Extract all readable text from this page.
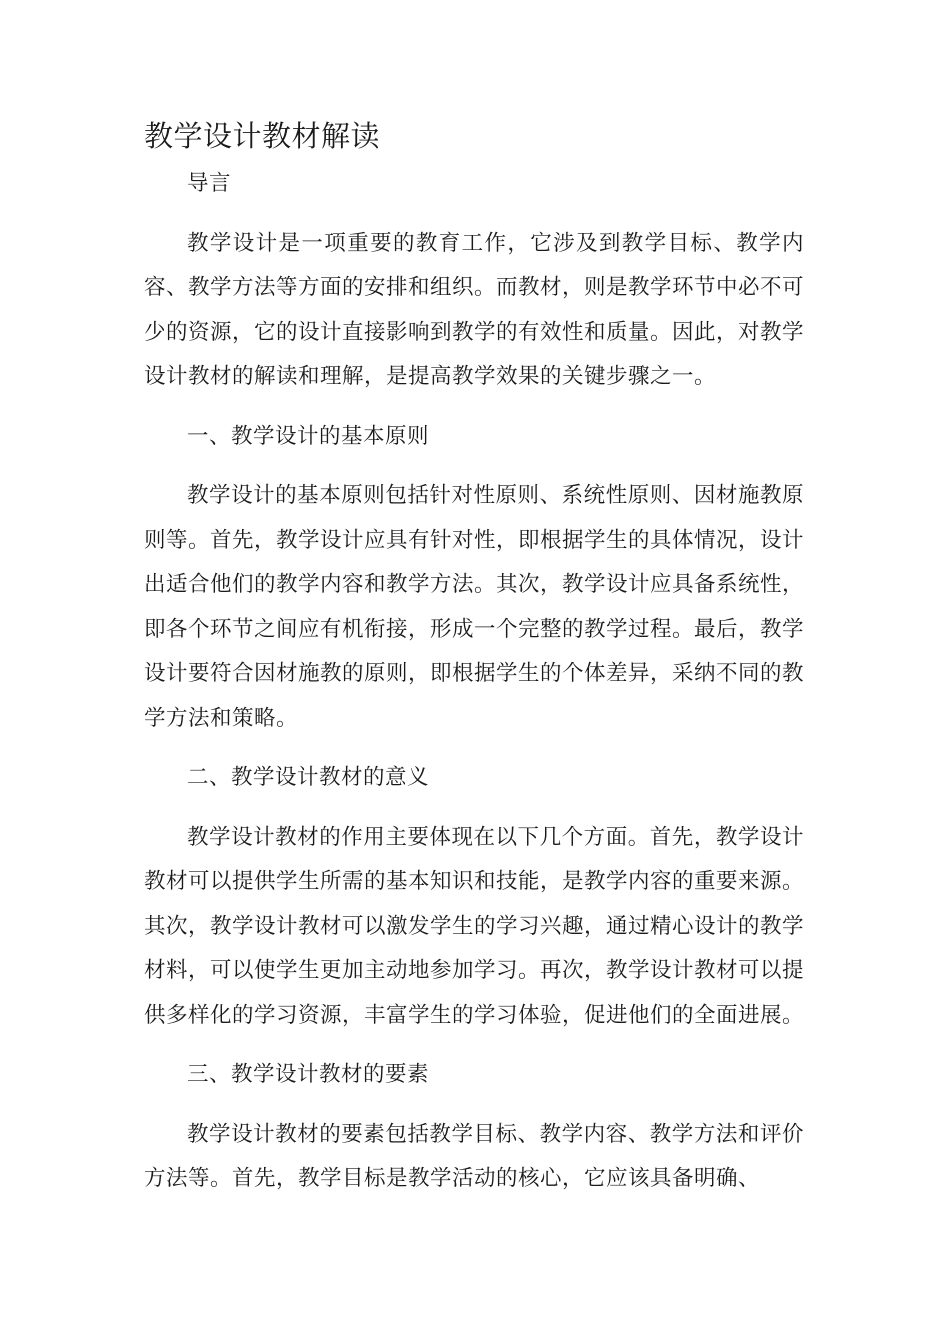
教学设计教材解读

导言

教学设计是一项重要的教育工作，它涉及到教学目标、教学内容、教学方法等方面的安排和组织。而教材，则是教学环节中必不可少的资源，它的设计直接影响到教学的有效性和质量。因此，对教学设计教材的解读和理解，是提高教学效果的关键步骤之一。

一、教学设计的基本原则

教学设计的基本原则包括针对性原则、系统性原则、因材施教原则等。首先，教学设计应具有针对性，即根据学生的具体情况，设计出适合他们的教学内容和教学方法。其次，教学设计应具备系统性，即各个环节之间应有机衔接，形成一个完整的教学过程。最后，教学设计要符合因材施教的原则，即根据学生的个体差异，采纳不同的教学方法和策略。

二、教学设计教材的意义

教学设计教材的作用主要体现在以下几个方面。首先，教学设计教材可以提供学生所需的基本知识和技能，是教学内容的重要来源。其次，教学设计教材可以激发学生的学习兴趣，通过精心设计的教学材料，可以使学生更加主动地参加学习。再次，教学设计教材可以提供多样化的学习资源，丰富学生的学习体验，促进他们的全面进展。

三、教学设计教材的要素

教学设计教材的要素包括教学目标、教学内容、教学方法和评价方法等。首先，教学目标是教学活动的核心，它应该具备明确、
